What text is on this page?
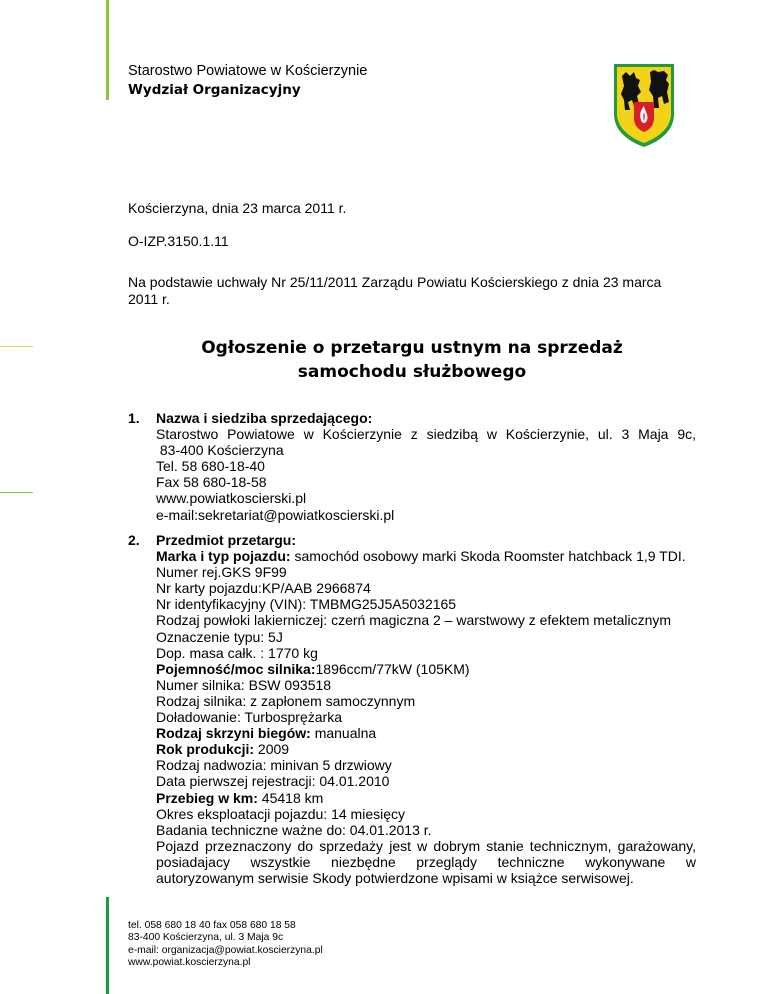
Starostwo Powiatowe w Kościerzynie
Wydział Organizacyjny
Kościerzyna, dnia 23 marca 2011 r.
O-IZP.3150.1.11
Na podstawie uchwały Nr 25/11/2011 Zarządu Powiatu Kościerskiego z dnia 23 marca 2011 r.
Ogłoszenie o przetargu ustnym na sprzedaż
samochodu służbowego
1. Nazwa i siedziba sprzedającego:
Starostwo Powiatowe w Kościerzynie z siedzibą w Kościerzynie, ul. 3 Maja 9c,
83-400 Kościerzyna
Tel. 58 680-18-40
Fax 58 680-18-58
www.powiatkoscierski.pl
e-mail:sekretariat@powiatkoscierski.pl
2. Przedmiot przetargu:
Marka i typ pojazdu: samochód osobowy marki Skoda Roomster hatchback 1,9 TDI.
Numer rej.GKS 9F99
Nr karty pojazdu:KP/AAB 2966874
Nr identyfikacyjny (VIN): TMBMG25J5A5032165
Rodzaj powłoki lakierniczej: czerń magiczna 2 – warstwowy z efektem metalicznym
Oznaczenie typu: 5J
Dop. masa całk. : 1770 kg
Pojemność/moc silnika:1896ccm/77kW (105KM)
Numer silnika: BSW 093518
Rodzaj silnika: z zapłonem samoczynnym
Doładowanie: Turbosprężarka
Rodzaj skrzyni biegów: manualna
Rok produkcji: 2009
Rodzaj nadwozia: minivan 5 drzwiowy
Data pierwszej rejestracji: 04.01.2010
Przebieg w km: 45418 km
Okres eksploatacji pojazdu: 14 miesięcy
Badania techniczne ważne do: 04.01.2013 r.
Pojazd przeznaczony do sprzedaży jest w dobrym stanie technicznym, garażowany,
posiadajacy wszystkie niezbędne przeglądy techniczne wykonywane w
autoryzowanym serwisie Skody potwierdzone wpisami w książce serwisowej.
tel. 058 680 18 40 fax 058 680 18 58
83-400 Kościerzyna, ul. 3 Maja 9c
e-mail: organizacja@powiat.koscierzyna.pl
www.powiat.koscierzyna.pl
